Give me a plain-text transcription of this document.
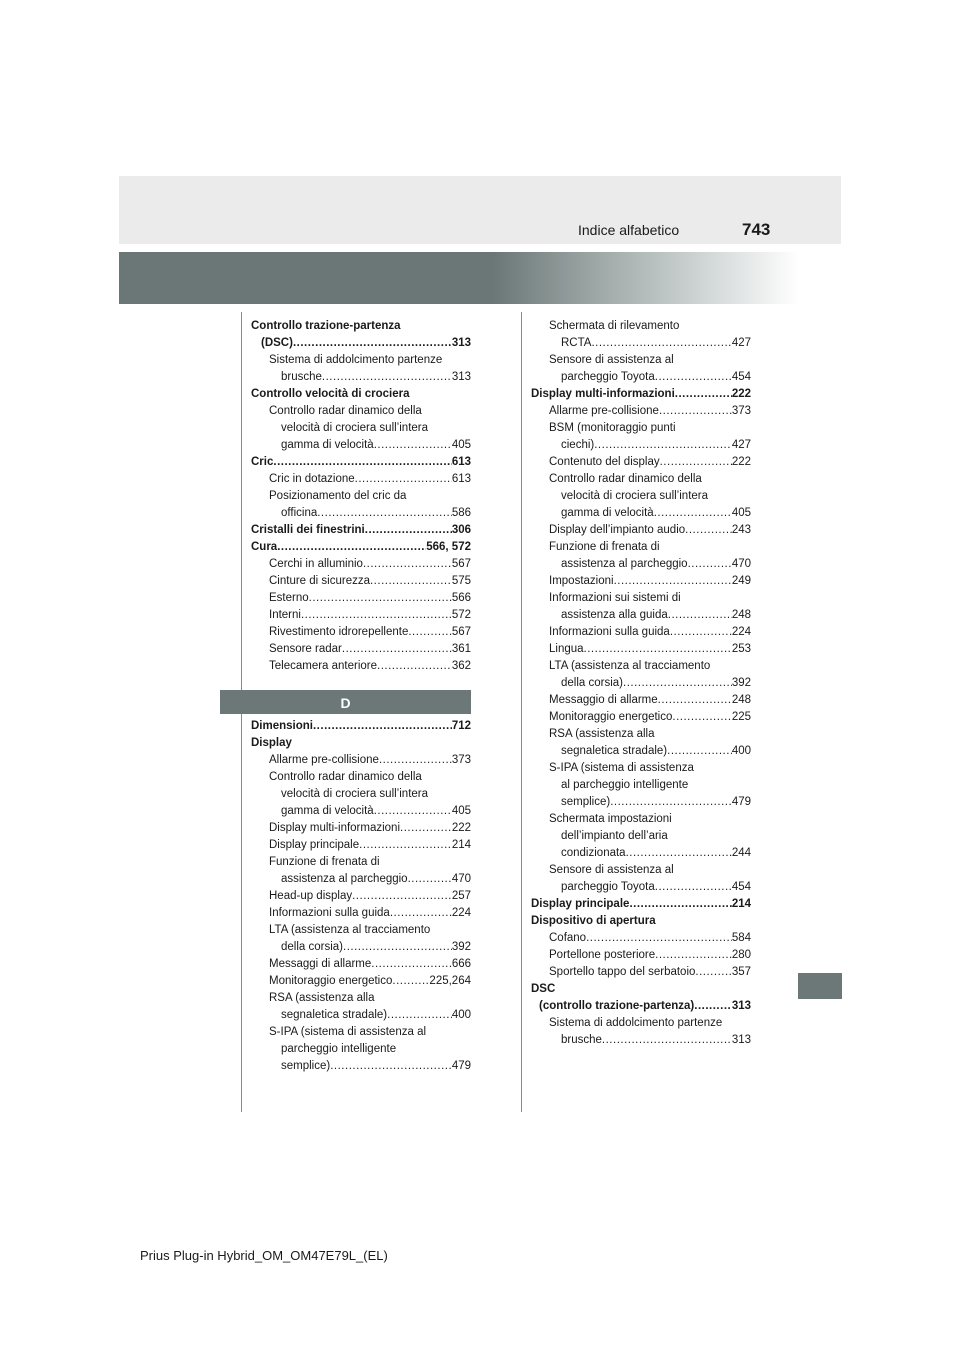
Indice alfabetico	743
Controllo trazione-partenza
(DSC) .....	313
Sistema di addolcimento partenze
brusche .....	313
Controllo velocità di crociera
Controllo radar dinamico della
velocità di crociera sull’intera
gamma di velocità .....	405
Cric .....	613
Cric in dotazione .....	613
Posizionamento del cric da
officina .....	586
Cristalli dei finestrini .....	306
Cura .....	566, 572
Cerchi in alluminio .....	567
Cinture di sicurezza .....	575
Esterno .....	566
Interni .....	572
Rivestimento idrorepellente .....	567
Sensore radar .....	361
Telecamera anteriore .....	362
D
Dimensioni .....	712
Display
Allarme pre-collisione .....	373
Controllo radar dinamico della
velocità di crociera sull’intera
gamma di velocità .....	405
Display multi-informazioni .....	222
Display principale .....	214
Funzione di frenata di
assistenza al parcheggio .....	470
Head-up display .....	257
Informazioni sulla guida .....	224
LTA (assistenza al tracciamento
della corsia) .....	392
Messaggi di allarme .....	666
Monitoraggio energetico .....	225,264
RSA (assistenza alla
segnaletica stradale) .....	400
S-IPA (sistema di assistenza al
parcheggio intelligente
semplice) .....	479
Schermata di rilevamento
RCTA .....	427
Sensore di assistenza al
parcheggio Toyota .....	454
Display multi-informazioni .....	222
Allarme pre-collisione .....	373
BSM (monitoraggio punti
ciechi) .....	427
Contenuto del display .....	222
Controllo radar dinamico della
velocità di crociera sull’intera
gamma di velocità .....	405
Display dell’impianto audio .....	243
Funzione di frenata di
assistenza al parcheggio .....	470
Impostazioni .....	249
Informazioni sui sistemi di
assistenza alla guida .....	248
Informazioni sulla guida .....	224
Lingua .....	253
LTA (assistenza al tracciamento
della corsia) .....	392
Messaggio di allarme .....	248
Monitoraggio energetico .....	225
RSA (assistenza alla
segnaletica stradale) .....	400
S-IPA (sistema di assistenza
al parcheggio intelligente
semplice) .....	479
Schermata impostazioni
dell’impianto dell’aria
condizionata .....	244
Sensore di assistenza al
parcheggio Toyota .....	454
Display principale .....	214
Dispositivo di apertura
Cofano .....	584
Portellone posteriore .....	280
Sportello tappo del serbatoio .....	357
DSC
(controllo trazione-partenza) .....	313
Sistema di addolcimento partenze
brusche .....	313
Prius Plug-in Hybrid_OM_OM47E79L_(EL)
